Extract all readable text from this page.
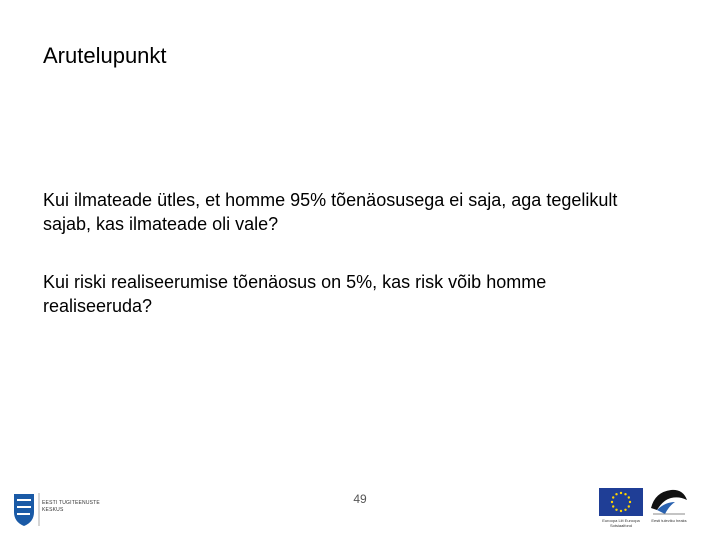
Arutelupunkt

Kui ilmateade ütles, et homme 95% tõenäosusega ei saja, aga tegelikult sajab, kas ilmateade oli vale?

Kui riski realiseerumise tõenäosus on 5%, kas risk võib homme realiseeruda?

EESTI TUGITEENUSTE
KESKUS
49
Euroopa Liit Euroopa Sotsiaalfond
Eesti tuleviku heaks
